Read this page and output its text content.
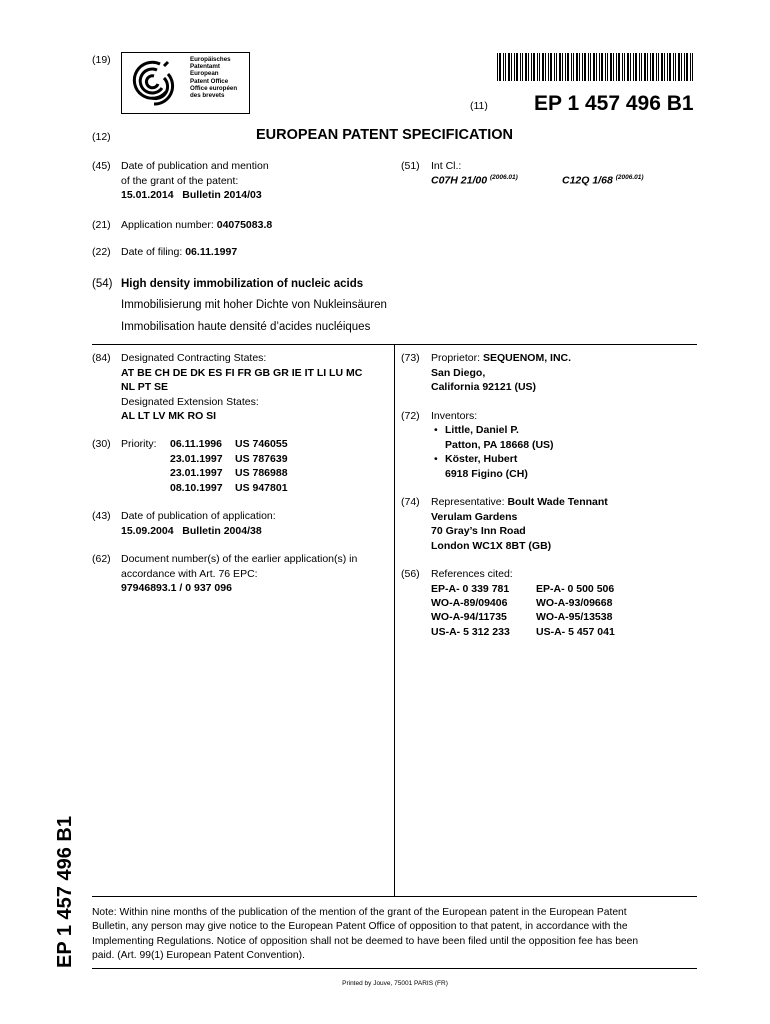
(19)	Europäisches
Patentamt
European
Patent Office
Office européen
des brevets
(11) EP 1 457 496 B1
(12)	EUROPEAN PATENT SPECIFICATION
(45) Date of publication and mention
of the grant of the patent:
15.01.2014   Bulletin 2014/03
(51) Int Cl.:
C07H 21/00 $^{(2006.01)}$	C12Q 1/68 $^{(2006.01)}$
(21) Application number: 04075083.8
(22) Date of filing: 06.11.1997
(54) High density immobilization of nucleic acids
Immobilisierung mit hoher Dichte von Nukleinsäuren
Immobilisation haute densité d’acides nucléiques
(84) Designated Contracting States:
AT BE CH DE DK ES FI FR GB GR IE IT LI LU MC
NL PT SE
Designated Extension States:
AL LT LV MK RO SI
(30) Priority: 06.11.1996 US 746055
23.01.1997 US 787639
23.01.1997 US 786988
08.10.1997 US 947801
(43) Date of publication of application:
15.09.2004   Bulletin 2004/38
(62) Document number(s) of the earlier application(s) in
accordance with Art. 76 EPC:
97946893.1 / 0 937 096
(73) Proprietor: SEQUENOM, INC.
San Diego,
California 92121 (US)
(72) Inventors:
• Little, Daniel P.
Patton, PA 18668 (US)
• Köster, Hubert
6918 Figino (CH)
(74) Representative: Boult Wade Tennant
Verulam Gardens
70 Gray’s Inn Road
London WC1X 8BT (GB)
(56) References cited:
EP-A- 0 339 781	EP-A- 0 500 506
WO-A-89/09406	WO-A-93/09668
WO-A-94/11735	WO-A-95/13538
US-A- 5 312 233 US-A- 5 457 041
EP 1 457 496 B1 Note: Within nine months of the publication of the mention of the grant of the European patent in the European Patent
Bulletin, any person may give notice to the European Patent Office of opposition to that patent, in accordance with the
Implementing Regulations. Notice of opposition shall not be deemed to have been filed until the opposition fee has been
paid. (Art. 99(1) European Patent Convention).
Printed by Jouve, 75001 PARIS (FR)
